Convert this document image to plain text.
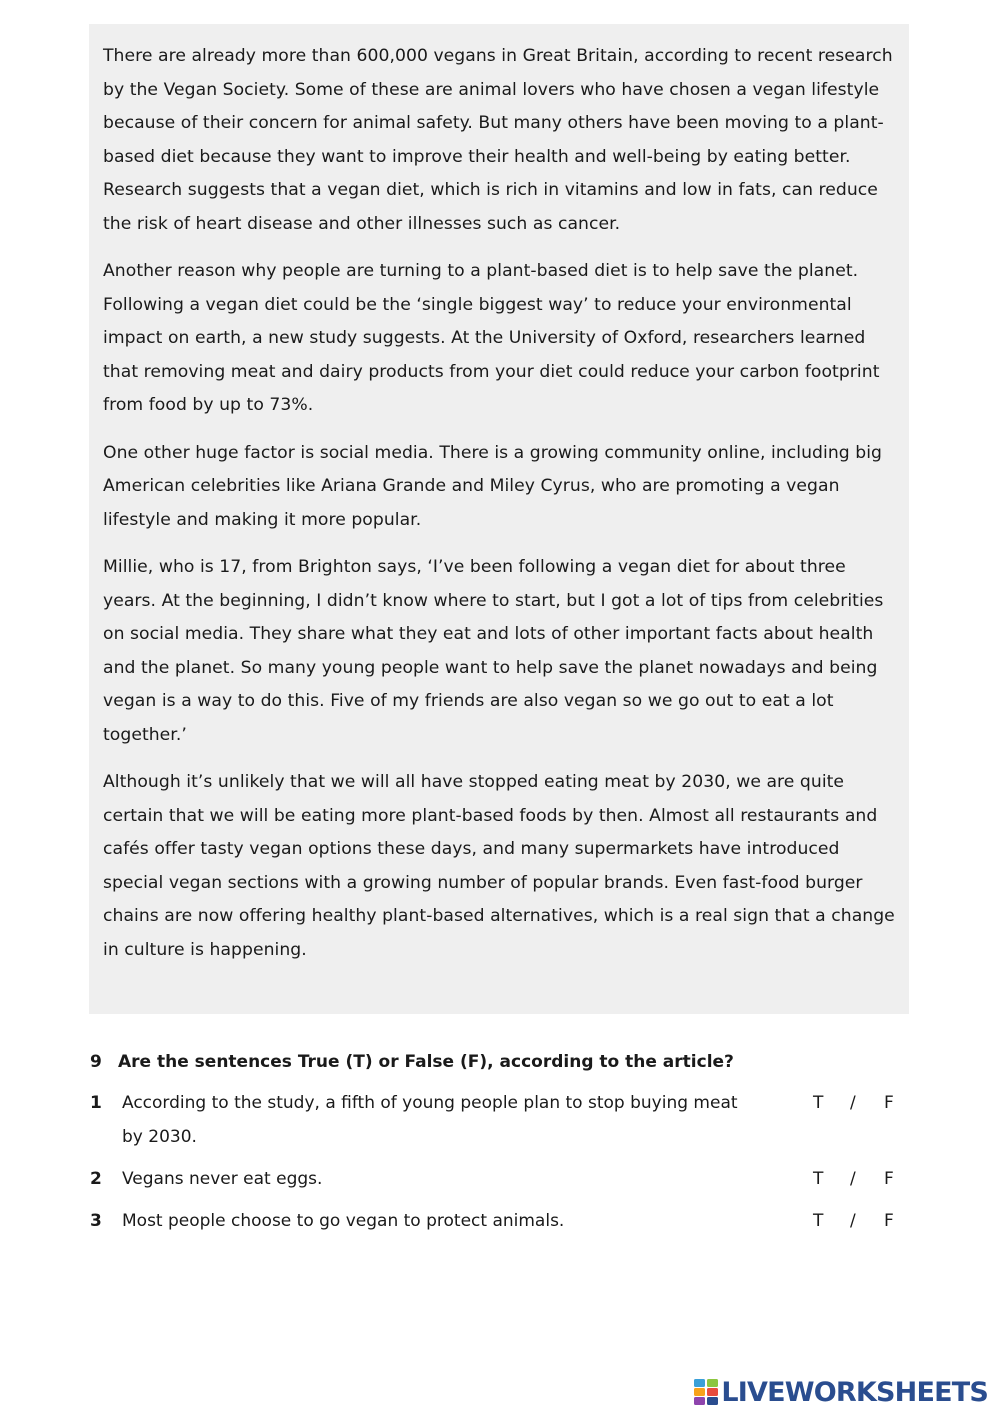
There are already more than 600,000 vegans in Great Britain, according to recent research by the Vegan Society. Some of these are animal lovers who have chosen a vegan lifestyle because of their concern for animal safety. But many others have been moving to a plant-based diet because they want to improve their health and well-being by eating better. Research suggests that a vegan diet, which is rich in vitamins and low in fats, can reduce the risk of heart disease and other illnesses such as cancer.

Another reason why people are turning to a plant-based diet is to help save the planet. Following a vegan diet could be the ‘single biggest way’ to reduce your environmental impact on earth, a new study suggests. At the University of Oxford, researchers learned that removing meat and dairy products from your diet could reduce your carbon footprint from food by up to 73%.

One other huge factor is social media. There is a growing community online, including big American celebrities like Ariana Grande and Miley Cyrus, who are promoting a vegan lifestyle and making it more popular.

Millie, who is 17, from Brighton says, ‘I’ve been following a vegan diet for about three years. At the beginning, I didn’t know where to start, but I got a lot of tips from celebrities on social media. They share what they eat and lots of other important facts about health and the planet. So many young people want to help save the planet nowadays and being vegan is a way to do this. Five of my friends are also vegan so we go out to eat a lot together.’

Although it’s unlikely that we will all have stopped eating meat by 2030, we are quite certain that we will be eating more plant-based foods by then. Almost all restaurants and cafés offer tasty vegan options these days, and many supermarkets have introduced special vegan sections with a growing number of popular brands. Even fast-food burger chains are now offering healthy plant-based alternatives, which is a real sign that a change in culture is happening.

9 Are the sentences True (T) or False (F), according to the article?
1	According to the study, a fifth of young people plan to stop buying meat by 2030.
T / F
2	Vegans never eat eggs.	T / F
3	Most people choose to go vegan to protect animals.	T / F
LIVEWORKSHEETS
